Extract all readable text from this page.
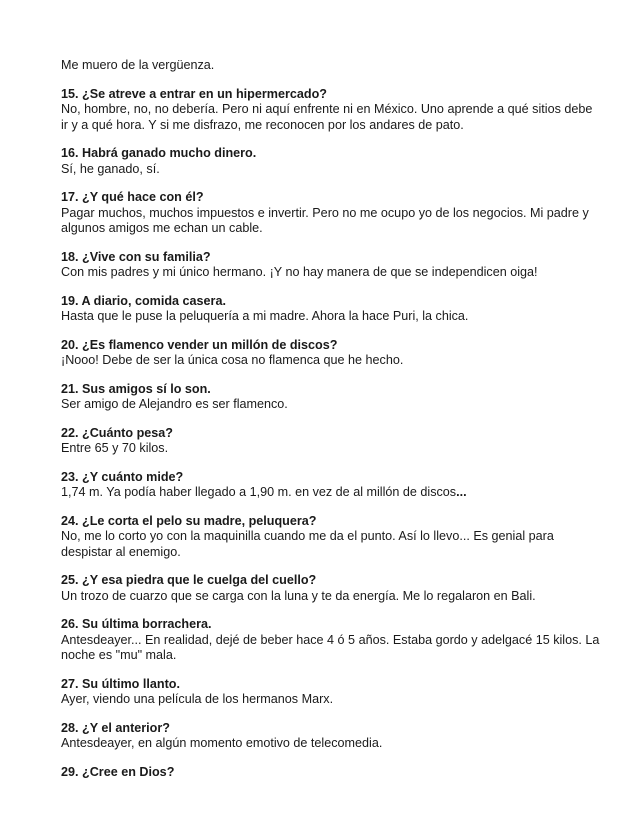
Me muero de la vergüenza.

15. ¿Se atreve a entrar en un hipermercado?

No, hombre, no, no debería. Pero ni aquí enfrente ni en México. Uno aprende a qué sitios debe ir y a qué hora. Y si me disfrazo, me reconocen por los andares de pato.

16. Habrá ganado mucho dinero.

Sí, he ganado, sí.

17. ¿Y qué hace con él?

Pagar muchos, muchos impuestos e invertir. Pero no me ocupo yo de los negocios. Mi padre y algunos amigos me echan un cable.

18. ¿Vive con su familia?

Con mis padres y mi único hermano. ¡Y no hay manera de que se independicen oiga!

19. A diario, comida casera.

Hasta que le puse la peluquería a mi madre. Ahora la hace Puri, la chica.

20. ¿Es flamenco vender un millón de discos?

¡Nooo! Debe de ser la única cosa no flamenca que he hecho.

21. Sus amigos sí lo son.

Ser amigo de Alejandro es ser flamenco.

22. ¿Cuánto pesa?

Entre 65 y 70 kilos.

23. ¿Y cuánto mide?

1,74 m. Ya podía haber llegado a 1,90 m. en vez de al millón de discos...

24. ¿Le corta el pelo su madre, peluquera?

No, me lo corto yo con la maquinilla cuando me da el punto. Así lo llevo... Es genial para despistar al enemigo.

25. ¿Y esa piedra que le cuelga del cuello?

Un trozo de cuarzo que se carga con la luna y te da energía. Me lo regalaron en Bali.

26. Su última borrachera.

Antesdeayer... En realidad, dejé de beber hace 4 ó 5 años. Estaba gordo y adelgacé 15 kilos. La noche es "mu" mala.

27. Su último llanto.

Ayer, viendo una película de los hermanos Marx.

28. ¿Y el anterior?

Antesdeayer, en algún momento emotivo de telecomedia.

29. ¿Cree en Dios?
